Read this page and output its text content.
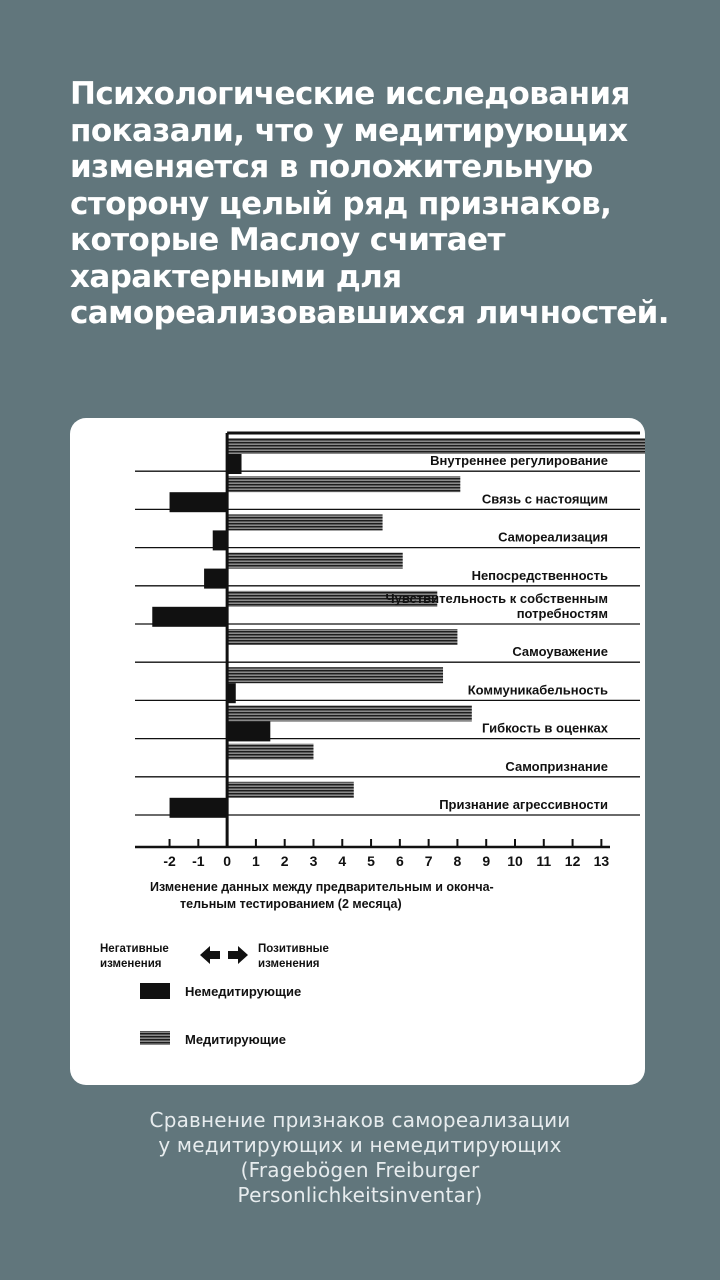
Психологические исследования показали, что у медитирующих изменяется в положительную сторону целый ряд признаков, которые Маслоу считает характерными для самореализовавшихся личностей.
Внутреннее регулирование
Связь с настоящим
Самореализация
Непосредственность
Чувствительность к собственным
потребностям
Самоуважение
Коммуникабельность
Гибкость в оценках
Самопризнание
Признание агрессивности
-2 -1 0 1 2 3 4 5 6 7 8 9 10 11 12 13
Изменение данных между предварительным и оконча-
тельным тестированием (2 месяца)
Негативные
изменения
Позитивные
изменения
Немедитирующие
Медитирующие
Сравнение признаков самореализации
у медитирующих и немедитирующих
(Fragebögen Freiburger
Personlichkeitsinventar)
